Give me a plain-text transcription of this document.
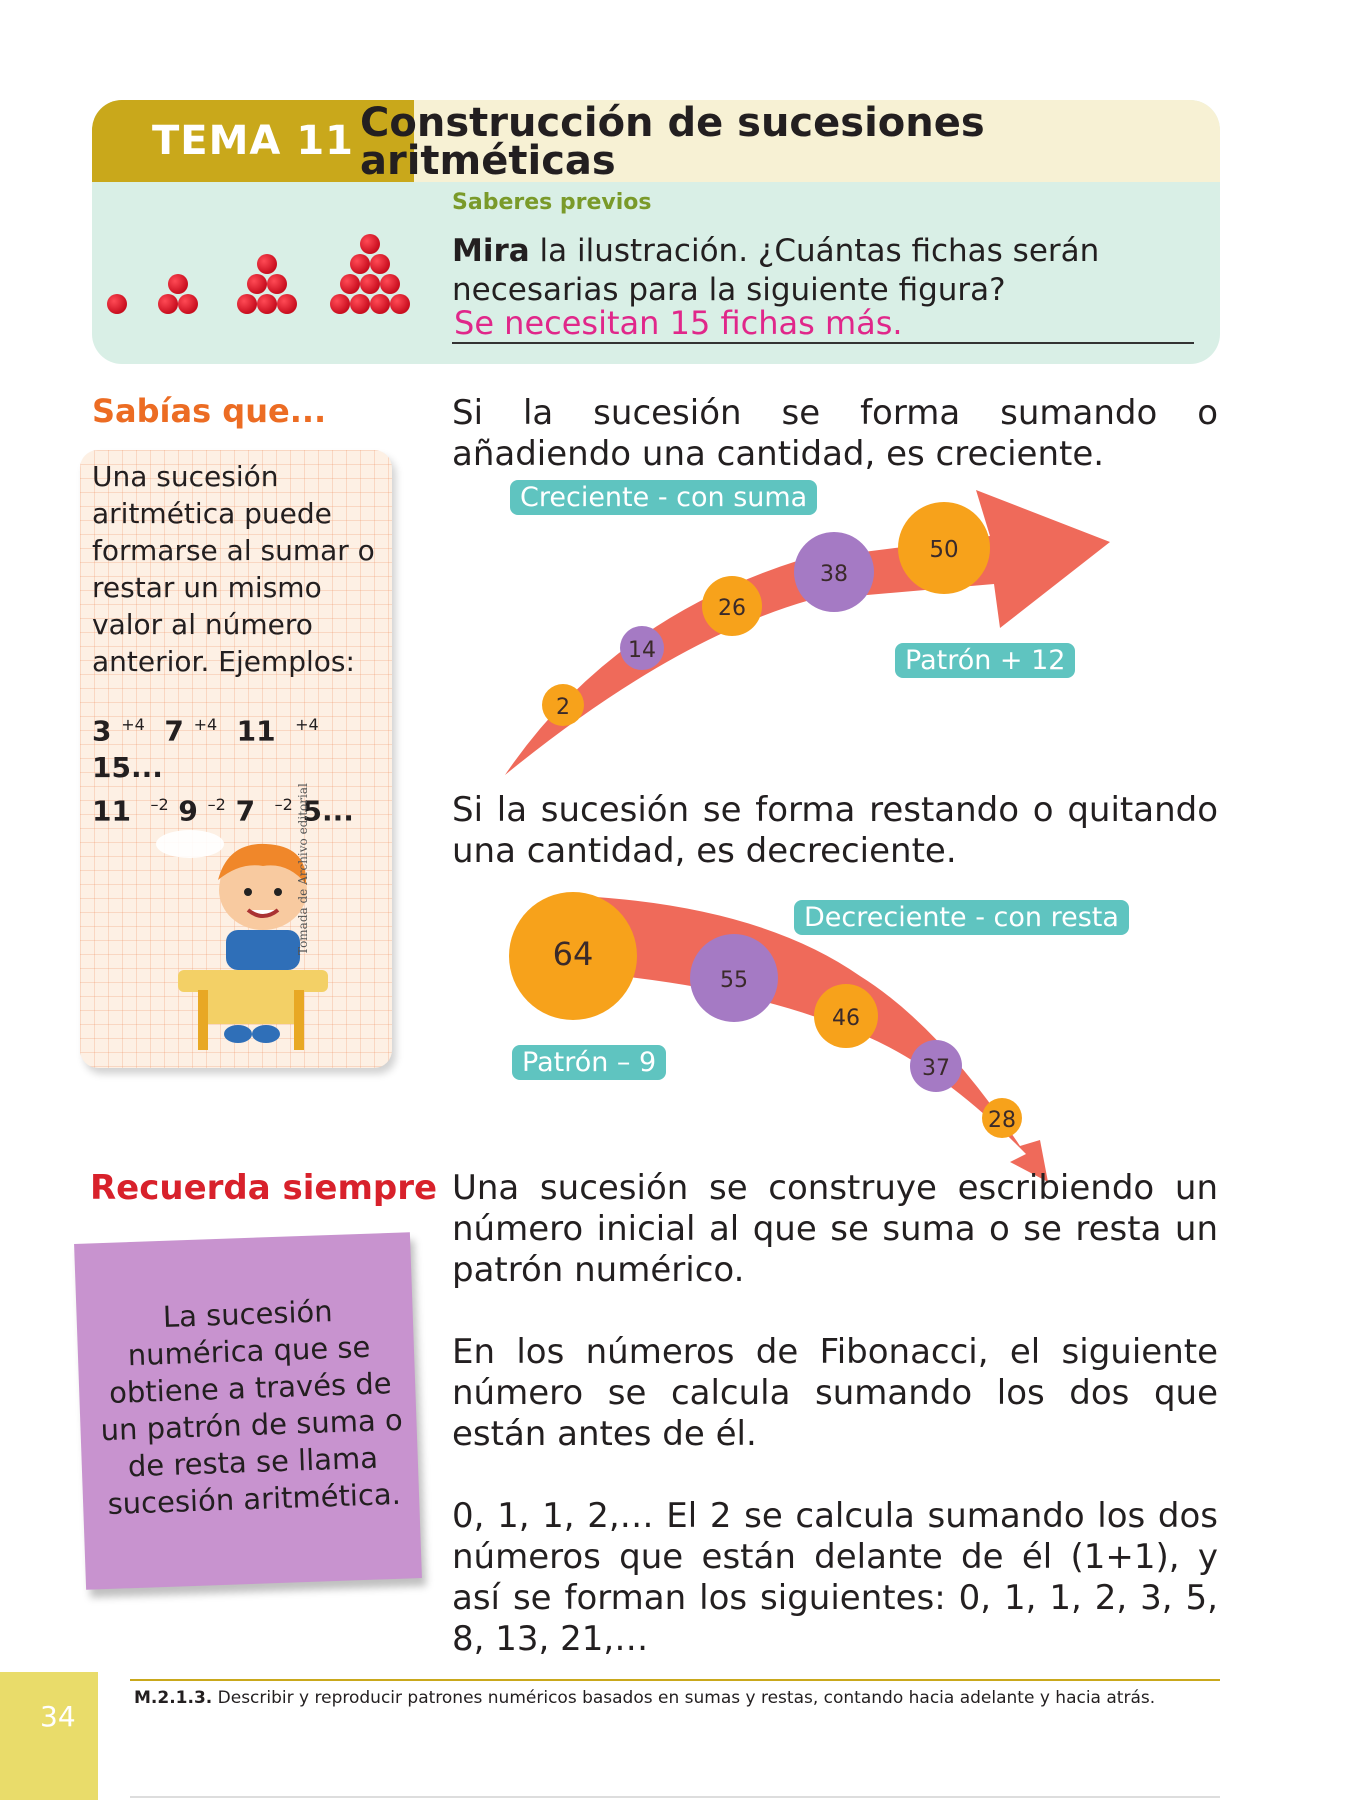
TEMA 11 Construcción de sucesiones
aritméticas
Saberes previos
Mira la ilustración. ¿Cuántas fichas serán necesarias para la siguiente figura?
Se necesitan 15 fichas más.
Sabías que...
Una sucesión aritmética puede formarse al sumar o restar un mismo valor al número anterior. Ejemplos:
3 $^{+4}$ 7 $^{+4}$ 11 $^{+4}$
15...
11 $^{-2}$ 9 $^{-2}$ 7 $^{-2}$ 5...
Tomada de Archivo editorial
Si la sucesión se forma sumando o añadiendo una cantidad, es creciente.
2
14
26
38
50
Creciente - con suma
Patrón + 12
Si la sucesión se forma restando o quitando una cantidad, es decreciente.
64
55
46
37
28
Decreciente - con resta
Patrón – 9
Una sucesión se construye escribiendo un número inicial al que se suma o se resta un patrón numérico.
En los números de Fibonacci, el siguiente número se calcula sumando los dos que están antes de él.
0, 1, 1, 2,… El 2 se calcula sumando los dos números que están delante de él (1+1), y así se forman los siguientes: 0, 1, 1, 2, 3, 5, 8, 13, 21,…
Recuerda siempre
La sucesión numérica que se obtiene a través de un patrón de suma o de resta se llama sucesión aritmética.
M.2.1.3. Describir y reproducir patrones numéricos basados en sumas y restas, contando hacia adelante y hacia atrás.
34
